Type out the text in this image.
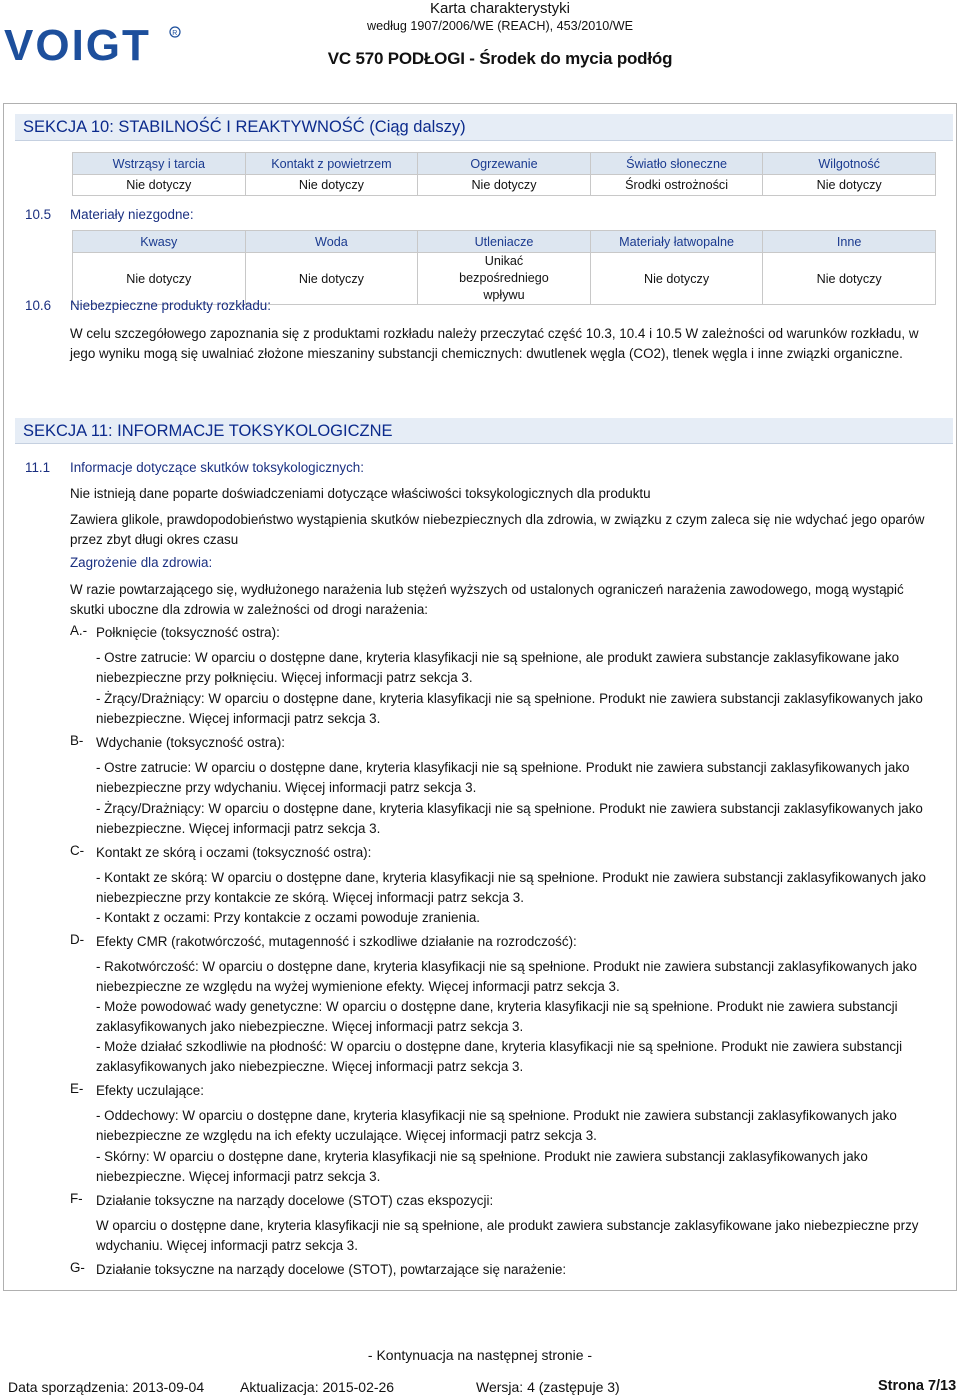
VOIGT	R
Karta charakterystyki
według 1907/2006/WE (REACH), 453/2010/WE
VC 570 PODŁOGI - Środek do mycia podłóg
SEKCJA 10: STABILNOŚĆ I REAKTYWNOŚĆ (Ciąg dalszy)
Wstrząsy i tarcia	Kontakt z powietrzem	Ogrzewanie	Światło słoneczne	Wilgotność
Nie dotyczy	Nie dotyczy	Nie dotyczy	Środki ostrożności	Nie dotyczy
10.5 Materiały niezgodne:
Kwasy	Woda	Utleniacze	Materiały łatwopalne	Inne
Nie dotyczy	Nie dotyczy	Unikać bezpośredniego wpływu	Nie dotyczy	Nie dotyczy
10.6 Niebezpieczne produkty rozkładu:
W celu szczegółowego zapoznania się z produktami rozkładu należy przeczytać część 10.3, 10.4 i 10.5 W zależności od warunków rozkładu, w jego wyniku mogą się uwalniać złożone mieszaniny substancji chemicznych: dwutlenek węgla (CO2), tlenek węgla i inne związki organiczne.
SEKCJA 11: INFORMACJE TOKSYKOLOGICZNE
11.1 Informacje dotyczące skutków toksykologicznych:
Nie istnieją dane poparte doświadczeniami dotyczące właściwości toksykologicznych dla produktu
Zawiera glikole, prawdopodobieństwo wystąpienia skutków niebezpiecznych dla zdrowia, w związku z czym zaleca się nie wdychać jego oparów przez zbyt długi okres czasu
Zagrożenie dla zdrowia:
W razie powtarzającego się, wydłużonego narażenia lub stężeń wyższych od ustalonych ograniczeń narażenia zawodowego, mogą wystąpić skutki uboczne dla zdrowia w zależności od drogi narażenia:
A.- Połknięcie (toksyczność ostra):
- Ostre zatrucie: W oparciu o dostępne dane, kryteria klasyfikacji nie są spełnione, ale produkt zawiera substancje zaklasyfikowane jako niebezpieczne przy połknięciu. Więcej informacji patrz sekcja 3.
- Żrący/Drażniący: W oparciu o dostępne dane, kryteria klasyfikacji nie są spełnione. Produkt nie zawiera substancji zaklasyfikowanych jako niebezpieczne. Więcej informacji patrz sekcja 3.
B- Wdychanie (toksyczność ostra):
- Ostre zatrucie: W oparciu o dostępne dane, kryteria klasyfikacji nie są spełnione. Produkt nie zawiera substancji zaklasyfikowanych jako niebezpieczne przy wdychaniu. Więcej informacji patrz sekcja 3.
- Żrący/Drażniący: W oparciu o dostępne dane, kryteria klasyfikacji nie są spełnione. Produkt nie zawiera substancji zaklasyfikowanych jako niebezpieczne. Więcej informacji patrz sekcja 3.
C- Kontakt ze skórą i oczami (toksyczność ostra):
- Kontakt ze skórą: W oparciu o dostępne dane, kryteria klasyfikacji nie są spełnione. Produkt nie zawiera substancji zaklasyfikowanych jako niebezpieczne przy kontakcie ze skórą. Więcej informacji patrz sekcja 3.
- Kontakt z oczami: Przy kontakcie z oczami powoduje zranienia.
D- Efekty CMR (rakotwórczość, mutagenność i szkodliwe działanie na rozrodczość):
- Rakotwórczość: W oparciu o dostępne dane, kryteria klasyfikacji nie są spełnione. Produkt nie zawiera substancji zaklasyfikowanych jako niebezpieczne ze względu na wyżej wymienione efekty. Więcej informacji patrz sekcja 3.
- Może powodować wady genetyczne: W oparciu o dostępne dane, kryteria klasyfikacji nie są spełnione. Produkt nie zawiera substancji zaklasyfikowanych jako niebezpieczne. Więcej informacji patrz sekcja 3.
- Może działać szkodliwie na płodność: W oparciu o dostępne dane, kryteria klasyfikacji nie są spełnione. Produkt nie zawiera substancji zaklasyfikowanych jako niebezpieczne. Więcej informacji patrz sekcja 3.
E- Efekty uczulające:
- Oddechowy: W oparciu o dostępne dane, kryteria klasyfikacji nie są spełnione. Produkt nie zawiera substancji zaklasyfikowanych jako niebezpieczne ze względu na ich efekty uczulające. Więcej informacji patrz sekcja 3.
- Skórny: W oparciu o dostępne dane, kryteria klasyfikacji nie są spełnione. Produkt nie zawiera substancji zaklasyfikowanych jako niebezpieczne. Więcej informacji patrz sekcja 3.
F- Działanie toksyczne na narządy docelowe (STOT) czas ekspozycji:
W oparciu o dostępne dane, kryteria klasyfikacji nie są spełnione, ale produkt zawiera substancje zaklasyfikowane jako niebezpieczne przy wdychaniu. Więcej informacji patrz sekcja 3.
G- Działanie toksyczne na narządy docelowe (STOT), powtarzające się narażenie:
- Kontynuacja na następnej stronie -
Data sporządzenia: 2013-09-04	Aktualizacja: 2015-02-26	Wersja: 4 (zastępuje 3)	Strona 7/13
